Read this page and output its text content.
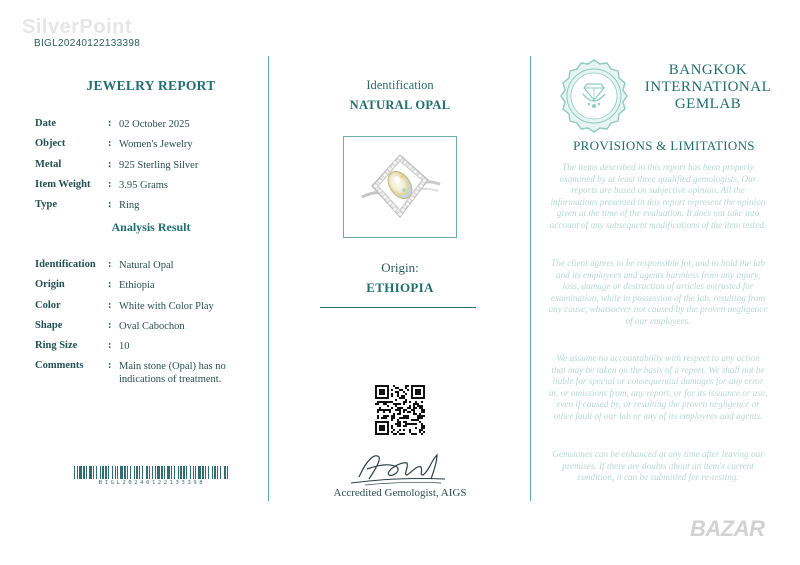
SilverPoint
BIGL20240122133398
JEWELRY REPORT
Date	: 02 October 2025
Object	: Women's Jewelry
Metal	: 925 Sterling Silver
Item Weight : 3.95 Grams
Type	: Ring
Analysis Result
Identification : Natural Opal
Origin	: Ethiopia
Color	: White with Color Play
Shape	: Oval Cabochon
Ring Size	: 10
Comments : Main stone (Opal) has no indications of treatment.
BIGL20240122133398
Identification
NATURAL OPAL
Origin:
ETHIOPIA
Accredited Gemologist, AIGS
BANGKOK INTERNATIONAL GEMLAB
PROVISIONS & LIMITATIONS
The items described in this report has been properly examined by at least three qualified gemologists. Our reports are based on subjective opinion. All the informations presented in this report represent the opinion given at the time of the evaluation. It does not take into account of any subsequent modifications of the item tested.
The client agrees to be responsible for, and to hold the lab and its employees and agents harmless from any injury, loss, damage or destruction of articles entrusted for examination, while in possession of the lab, resulting from any cause, whatsoever not caused by the proven negligence of our employees.
We assume no accountability with respect to any action that may be taken on the basis of a report. We shall not be liable for special or consequential damages for any error in, or omissions from, any report, or for its issuance or use, even if caused by, or resulting the proven negligence or other fault of our lab or any of its employees and agents.
Gemstones can be enhanced at any time after leaving our premises. If there are doubts about an item's current condition, it can be submitted for re-testing.
BAZAR
